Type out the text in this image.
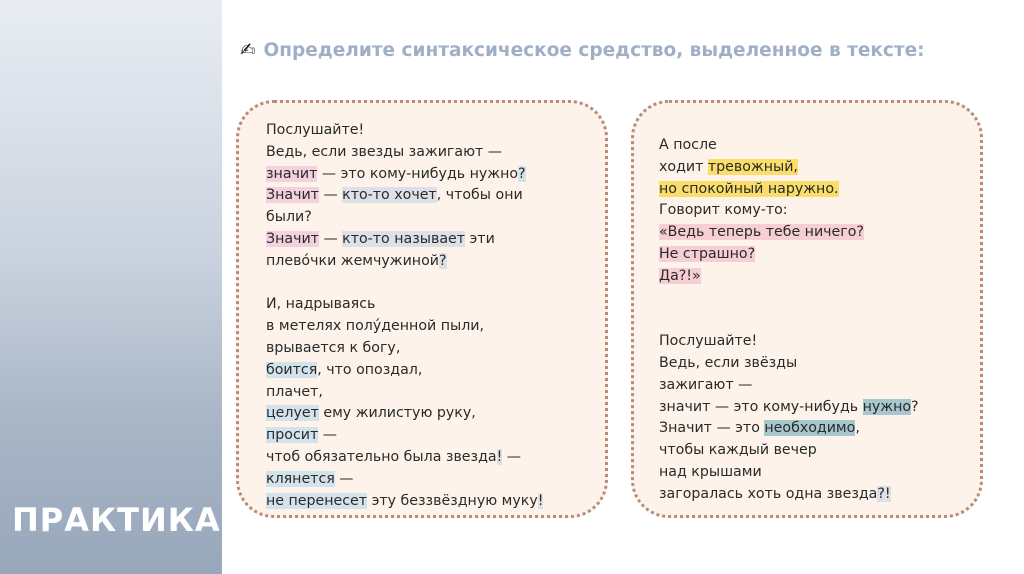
ПРАКТИКА
✍ Определите синтаксическое средство, выделенное в тексте:
Послушайте!
Ведь, если звезды зажигают —
значит — это кому-нибудь нужно?
Значит — кто-то хочет, чтобы они
были?
Значит — кто-то называет эти
плево́чки жемчужиной?
И, надрываясь
в метелях полу́денной пыли,
врывается к богу,
боится, что опоздал,
плачет,
целует ему жилистую руку,
просит —
чтоб обязательно была звезда! —
клянется —
не перенесет эту беззвёздную муку!
А после
ходит тревожный,
но спокойный наружно.
Говорит кому-то:
«Ведь теперь тебе ничего?
Не страшно?
Да?!»
Послушайте!
Ведь, если звёзды
зажигают —
значит — это кому-нибудь нужно?
Значит — это необходимо,
чтобы каждый вечер
над крышами
загоралась хоть одна звезда?!
